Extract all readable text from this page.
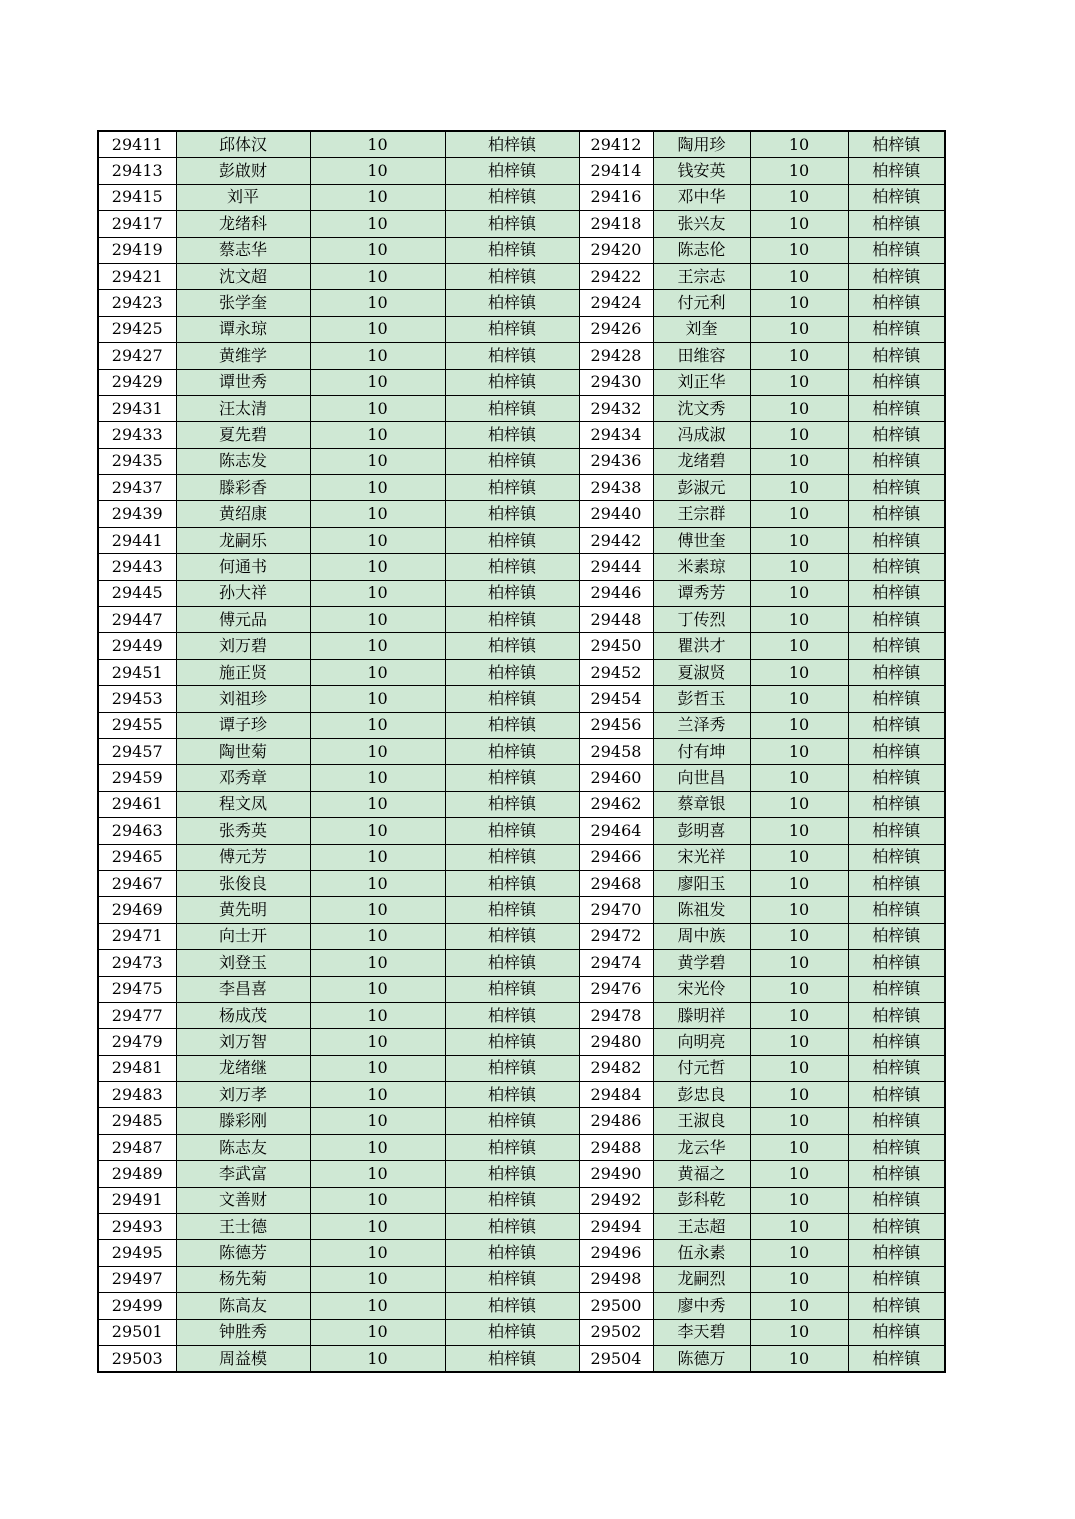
29411	邱体汉	10	柏梓镇	29412	陶用珍	10	柏梓镇
29413	彭啟财	10	柏梓镇	29414	钱安英	10	柏梓镇
29415	刘平	10	柏梓镇	29416	邓中华	10	柏梓镇
29417	龙绪科	10	柏梓镇	29418	张兴友	10	柏梓镇
29419	蔡志华	10	柏梓镇	29420	陈志伦	10	柏梓镇
29421	沈文超	10	柏梓镇	29422	王宗志	10	柏梓镇
29423	张学奎	10	柏梓镇	29424	付元利	10	柏梓镇
29425	谭永琼	10	柏梓镇	29426	刘奎	10	柏梓镇
29427	黄维学	10	柏梓镇	29428	田维容	10	柏梓镇
29429	谭世秀	10	柏梓镇	29430	刘正华	10	柏梓镇
29431	汪太清	10	柏梓镇	29432	沈文秀	10	柏梓镇
29433	夏先碧	10	柏梓镇	29434	冯成淑	10	柏梓镇
29435	陈志发	10	柏梓镇	29436	龙绪碧	10	柏梓镇
29437	滕彩香	10	柏梓镇	29438	彭淑元	10	柏梓镇
29439	黄绍康	10	柏梓镇	29440	王宗群	10	柏梓镇
29441	龙嗣乐	10	柏梓镇	29442	傅世奎	10	柏梓镇
29443	何通书	10	柏梓镇	29444	米素琼	10	柏梓镇
29445	孙大祥	10	柏梓镇	29446	谭秀芳	10	柏梓镇
29447	傅元品	10	柏梓镇	29448	丁传烈	10	柏梓镇
29449	刘万碧	10	柏梓镇	29450	瞿洪才	10	柏梓镇
29451	施正贤	10	柏梓镇	29452	夏淑贤	10	柏梓镇
29453	刘祖珍	10	柏梓镇	29454	彭哲玉	10	柏梓镇
29455	谭子珍	10	柏梓镇	29456	兰泽秀	10	柏梓镇
29457	陶世菊	10	柏梓镇	29458	付有坤	10	柏梓镇
29459	邓秀章	10	柏梓镇	29460	向世昌	10	柏梓镇
29461	程文凤	10	柏梓镇	29462	蔡章银	10	柏梓镇
29463	张秀英	10	柏梓镇	29464	彭明喜	10	柏梓镇
29465	傅元芳	10	柏梓镇	29466	宋光祥	10	柏梓镇
29467	张俊良	10	柏梓镇	29468	廖阳玉	10	柏梓镇
29469	黄先明	10	柏梓镇	29470	陈祖发	10	柏梓镇
29471	向士开	10	柏梓镇	29472	周中族	10	柏梓镇
29473	刘登玉	10	柏梓镇	29474	黄学碧	10	柏梓镇
29475	李昌喜	10	柏梓镇	29476	宋光伶	10	柏梓镇
29477	杨成茂	10	柏梓镇	29478	滕明祥	10	柏梓镇
29479	刘万智	10	柏梓镇	29480	向明亮	10	柏梓镇
29481	龙绪继	10	柏梓镇	29482	付元哲	10	柏梓镇
29483	刘万孝	10	柏梓镇	29484	彭忠良	10	柏梓镇
29485	滕彩刚	10	柏梓镇	29486	王淑良	10	柏梓镇
29487	陈志友	10	柏梓镇	29488	龙云华	10	柏梓镇
29489	李武富	10	柏梓镇	29490	黄福之	10	柏梓镇
29491	文善财	10	柏梓镇	29492	彭科乾	10	柏梓镇
29493	王士德	10	柏梓镇	29494	王志超	10	柏梓镇
29495	陈德芳	10	柏梓镇	29496	伍永素	10	柏梓镇
29497	杨先菊	10	柏梓镇	29498	龙嗣烈	10	柏梓镇
29499	陈高友	10	柏梓镇	29500	廖中秀	10	柏梓镇
29501	钟胜秀	10	柏梓镇	29502	李天碧	10	柏梓镇
29503	周益模	10	柏梓镇	29504	陈德万	10	柏梓镇
